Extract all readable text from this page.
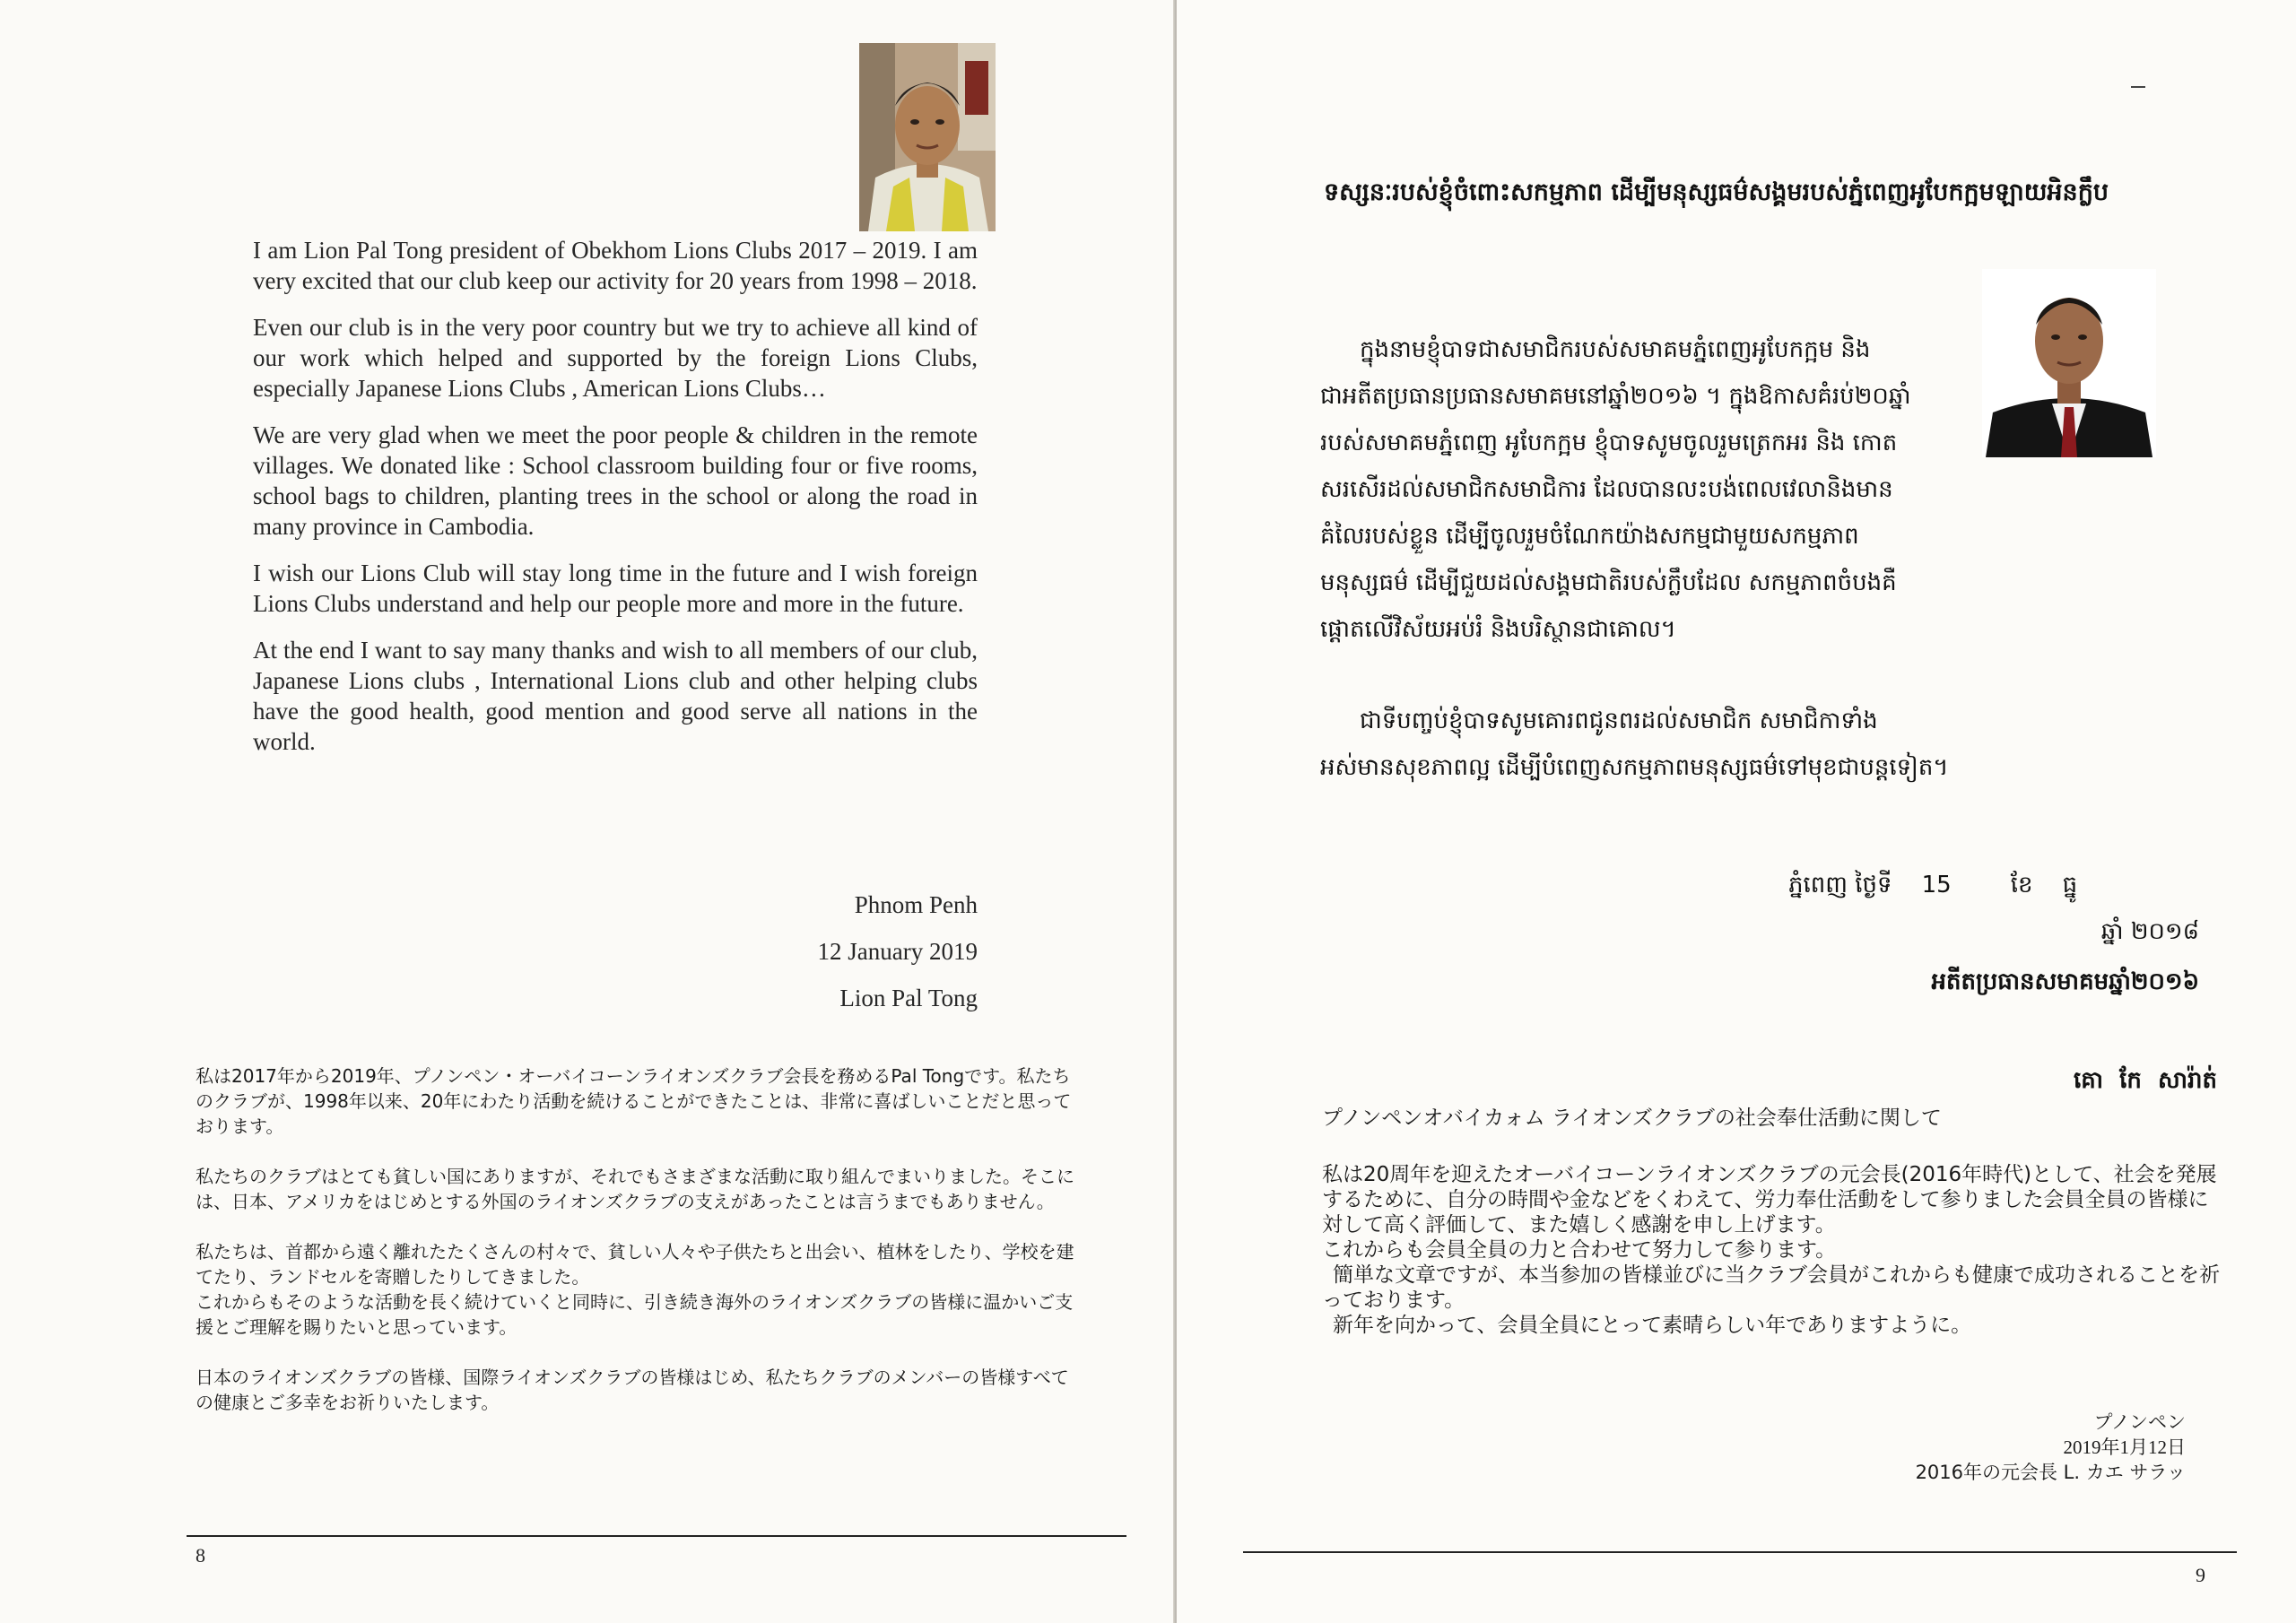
I am Lion Pal Tong president of Obekhom Lions Clubs 2017 – 2019. I am very excited that our club keep our activity for 20 years from 1998 – 2018.

Even our club is in the very poor country but we try to achieve all kind of our work which helped and supported by the foreign Lions Clubs, especially Japanese Lions Clubs , American Lions Clubs…

We are very glad when we meet the poor people & children in the remote villages. We donated like : School classroom building four or five rooms, school bags to children, planting trees in the school or along the road in many province in Cambodia.

I wish our Lions Club will stay long time in the future and I wish foreign Lions Clubs understand and help our people more and more in the future.

At the end I want to say many thanks and wish to all members of our club, Japanese Lions clubs , International Lions club and other helping clubs have the good health, good mention and good serve all nations in the world.

Phnom Penh
12 January 2019
Lion Pal Tong

私は2017年から2019年、プノンペン・オーバイコーンライオンズクラブ会長を務めるPal Tongです。私たちのクラブが、1998年以来、20年にわたり活動を続けることができたことは、非常に喜ばしいことだと思っております。

私たちのクラブはとても貧しい国にありますが、それでもさまざまな活動に取り組んでまいりました。そこには、日本、アメリカをはじめとする外国のライオンズクラブの支えがあったことは言うまでもありません。

私たちは、首都から遠く離れたたくさんの村々で、貧しい人々や子供たちと出会い、植林をしたり、学校を建てたり、ランドセルを寄贈したりしてきました。

これからもそのような活動を長く続けていくと同時に、引き続き海外のライオンズクラブの皆様に温かいご支援とご理解を賜りたいと思っています。

日本のライオンズクラブの皆様、国際ライオンズクラブの皆様はじめ、私たちクラブのメンバーの皆様すべての健康とご多幸をお祈りいたします。

8
ទស្សនៈរបស់ខ្ញុំចំពោះសកម្មភាព ដើម្បីមនុស្សធម៌សង្គមរបស់ភ្នំពេញអូបែកក្អមឡាយអិនក្លឹប

ក្នុងនាមខ្ញុំបាទជាសមាជិករបស់សមាគមភ្នំពេញអូបែកក្អម និង

ជាអតីតប្រធានប្រធានសមាគមនៅឆ្នាំ២០១៦ ។ ក្នុងឱកាសគំរប់២០ឆ្នាំ

របស់សមាគមភ្នំពេញ អូបែកក្អម ខ្ញុំបាទសូមចូលរួមត្រេកអរ និង កោត

សរសើរដល់សមាជិកសមាជិការ ដែលបានលះបង់ពេលវេលានិងមាន

គំលៃរបស់ខ្លួន ដើម្បីចូលរួមចំណែកយ៉ាងសកម្មជាមួយសកម្មភាព

មនុស្សធម៌ ដើម្បីជួយដល់សង្គមជាតិរបស់ក្លឹបដែល សកម្មភាពចំបងគឺ

ផ្តោតលើវិស័យអប់រំ និងបរិស្ថានជាគោល។

ជាទីបញ្ចប់ខ្ញុំបាទសូមគោរពជូនពរដល់សមាជិក សមាជិកាទាំង

អស់មានសុខភាពល្អ ដើម្បីបំពេញសកម្មភាពមនុស្សធម៌ទៅមុខជាបន្តទៀត។

ភ្នំពេញ ថ្ងៃទី    15        ខែ    ធ្នូ
ឆ្នាំ ២០១៨
អតីតប្រធានសមាគមឆ្នាំ២០១៦
គោ  កែ  សារ៉ាត់
プノンペンオバイカォム ライオンズクラブの社会奉仕活動に関して

私は20周年を迎えたオーバイコーンライオンズクラブの元会長(2016年時代)として、社会を発展するために、自分の時間や金などをくわえて、労力奉仕活動をして参りました会員全員の皆様に対して高く評価して、また嬉しく感謝を申し上げます。

これからも会員全員の力と合わせて努力して参ります。

簡単な文章ですが、本当参加の皆様並びに当クラブ会員がこれからも健康で成功されることを祈っております。

新年を向かって、会員全員にとって素晴らしい年でありますように。

プノンペン
2019年1月12日
2016年の元会長 L. カエ サラッ
9
